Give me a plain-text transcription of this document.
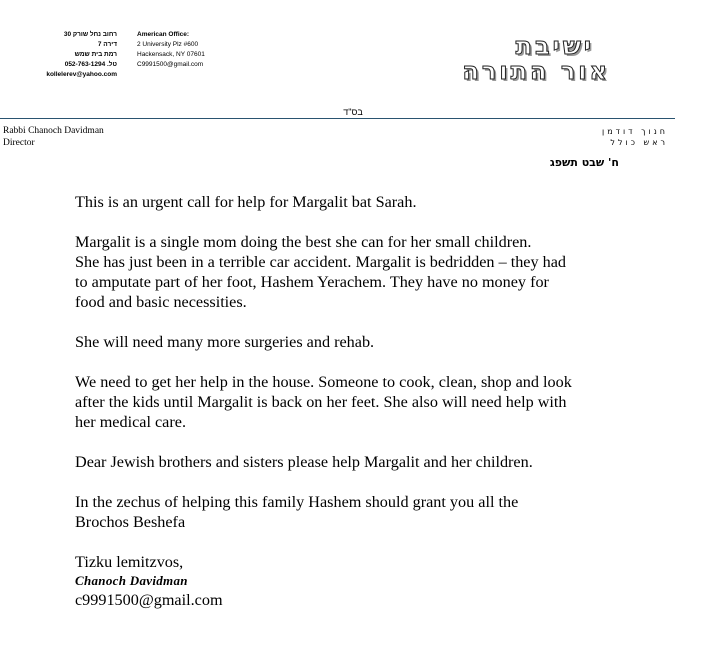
רחוב נחל שורק 30
דירה 7
רמת בית שמש
טל. 052-763-1294
kollelerev@yahoo.com
American Office:
2 University Plz #600
Hackensack, NY 07601
C9991500@gmail.com
ישיבת
אור התורה
בס"ד
Rabbi Chanoch Davidman
Director
חנוך דודמן
ראש כולל
ח' שבט תשפג

This is an urgent call for help for Margalit bat Sarah.

Margalit is a single mom doing the best she can for her small children.
She has just been in a terrible car accident. Margalit is bedridden – they had
to amputate part of her foot, Hashem Yerachem. They have no money for
food and basic necessities.

She will need many more surgeries and rehab.

We need to get her help in the house. Someone to cook, clean, shop and look
after the kids until Margalit is back on her feet. She also will need help with
her medical care.

Dear Jewish brothers and sisters please help Margalit and her children.

In the zechus of helping this family Hashem should grant you all the
Brochos Beshefa

Tizku lemitzvos,

Chanoch Davidman
c9991500@gmail.com
